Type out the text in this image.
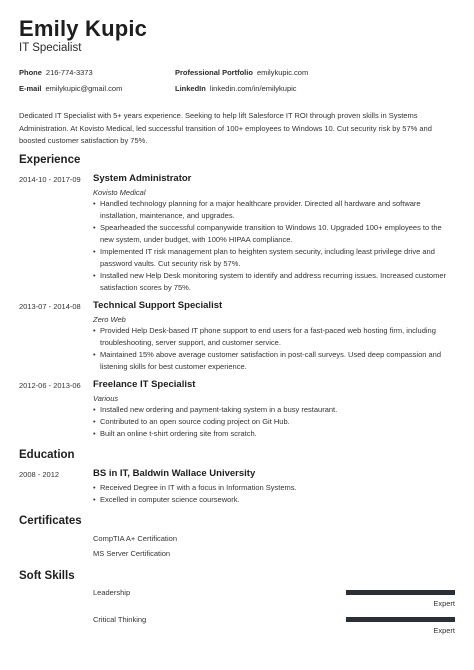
Emily Kupic
IT Specialist
Phone 216-774-3373
E-mail emilykupic@gmail.com
Professional Portfolio emilykupic.com
LinkedIn linkedin.com/in/emilykupic
Dedicated IT Specialist with 5+ years experience. Seeking to help lift Salesforce IT ROI through proven skills in Systems Administration. At Kovisto Medical, led successful transition of 100+ employees to Windows 10. Cut security risk by 57% and boosted customer satisfaction by 75%.
Experience
2014-10 - 2017-09 System Administrator
Kovisto Medical
• Handled technology planning for a major healthcare provider. Directed all hardware and software installation, maintenance, and upgrades.
• Spearheaded the successful companywide transition to Windows 10. Upgraded 100+ employees to the new system, under budget, with 100% HIPAA compliance.
• Implemented IT risk management plan to heighten system security, including least privilege drive and password vaults. Cut security risk by 57%.
• Installed new Help Desk monitoring system to identify and address recurring issues. Increased customer satisfaction scores by 75%.
2013-07 - 2014-08 Technical Support Specialist
Zero Web
• Provided Help Desk-based IT phone support to end users for a fast-paced web hosting firm, including troubleshooting, server support, and customer service.
• Maintained 15% above average customer satisfaction in post-call surveys. Used deep compassion and listening skills for best customer experience.
2012-06 - 2013-06 Freelance IT Specialist
Various
• Installed new ordering and payment-taking system in a busy restaurant.
• Contributed to an open source coding project on Git Hub.
• Built an online t-shirt ordering site from scratch.
Education
2008 - 2012	BS in IT, Baldwin Wallace University
• Received Degree in IT with a focus in Information Systems.
• Excelled in computer science coursework.
Certificates
CompTIA A+ Certification
MS Server Certification
Soft Skills
Leadership
Expert
Critical Thinking
Expert
